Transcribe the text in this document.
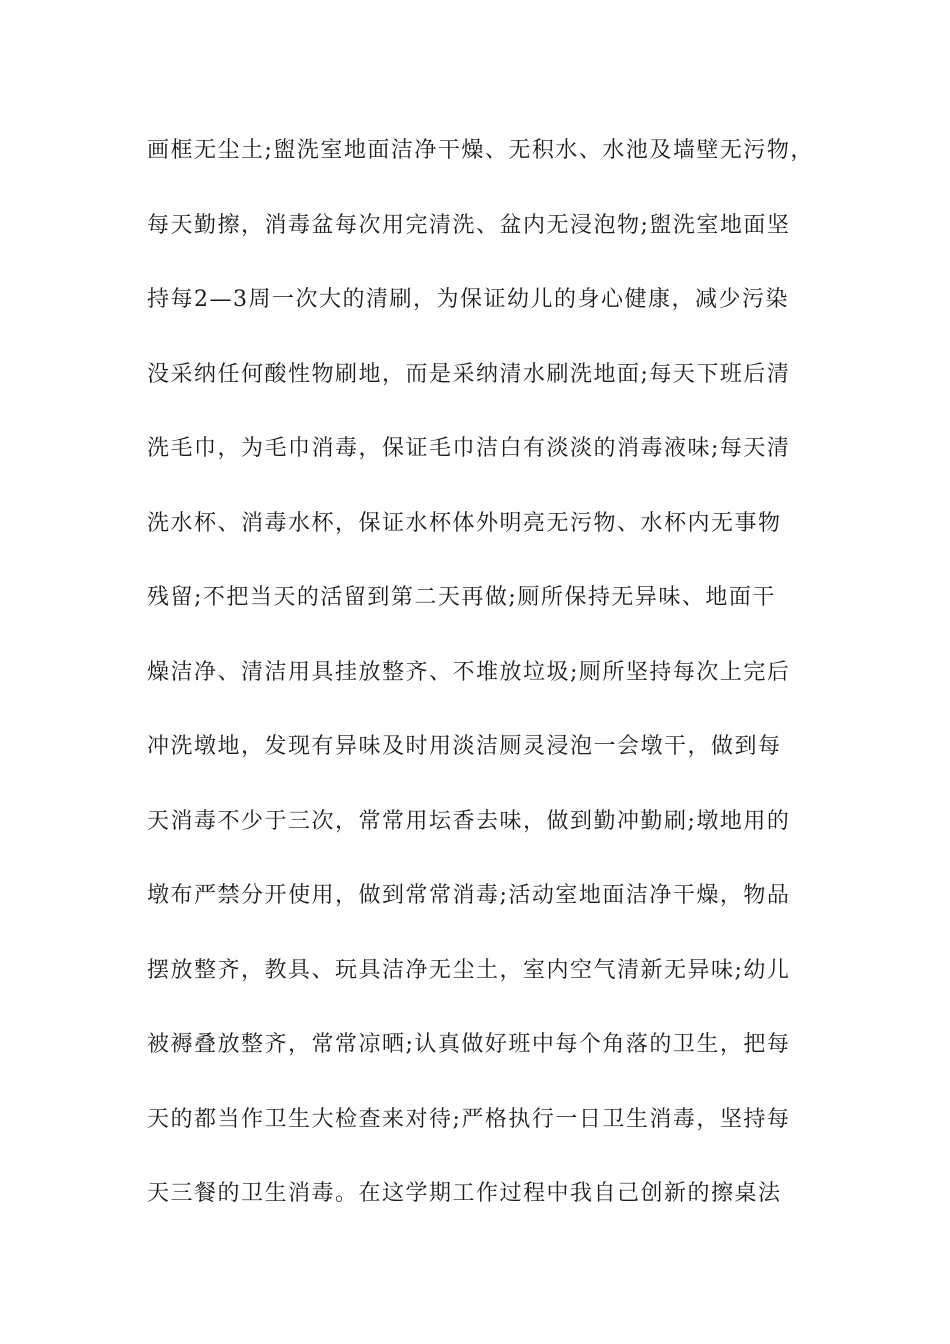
画框无尘土;盥洗室地面洁净干燥、无积水、水池及墙壁无污物，
每天勤擦，消毒盆每次用完清洗、盆内无浸泡物;盥洗室地面坚
持每2—3周一次大的清刷，为保证幼儿的身心健康，减少污染
没采纳任何酸性物刷地，而是采纳清水刷洗地面;每天下班后清
洗毛巾，为毛巾消毒，保证毛巾洁白有淡淡的消毒液味;每天清
洗水杯、消毒水杯，保证水杯体外明亮无污物、水杯内无事物
残留;不把当天的活留到第二天再做;厕所保持无异味、地面干
燥洁净、清洁用具挂放整齐、不堆放垃圾;厕所坚持每次上完后
冲洗墩地，发现有异味及时用淡洁厕灵浸泡一会墩干，做到每
天消毒不少于三次，常常用坛香去味，做到勤冲勤刷;墩地用的
墩布严禁分开使用，做到常常消毒;活动室地面洁净干燥，物品
摆放整齐，教具、玩具洁净无尘土，室内空气清新无异味;幼儿
被褥叠放整齐，常常凉晒;认真做好班中每个角落的卫生，把每
天的都当作卫生大检查来对待;严格执行一日卫生消毒，坚持每
天三餐的卫生消毒。在这学期工作过程中我自己创新的擦桌法
